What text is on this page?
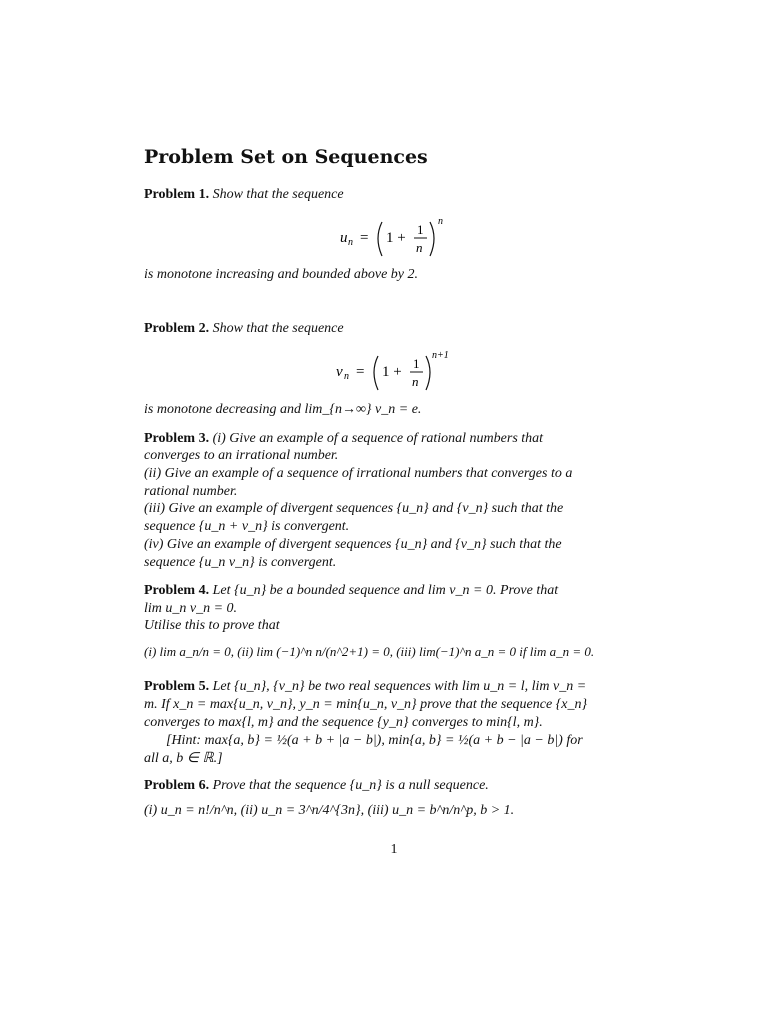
Problem Set on Sequences
Problem 1. Show that the sequence
u n = 1 +
1
n
n
is monotone increasing and bounded above by 2.
Problem 2. Show that the sequence
v n = 1 +
1
n
n+1
is monotone decreasing and lim_{n→∞} v_n = e.
Problem 3. (i) Give an example of a sequence of rational numbers that
converges to an irrational number.
(ii) Give an example of a sequence of irrational numbers that converges to a
rational number.
(iii) Give an example of divergent sequences {u_n} and {v_n} such that the
sequence {u_n + v_n} is convergent.
(iv) Give an example of divergent sequences {u_n} and {v_n} such that the
sequence {u_n v_n} is convergent.
Problem 4. Let {u_n} be a bounded sequence and lim v_n = 0. Prove that
lim u_n v_n = 0.
Utilise this to prove that
(i) lim a_n/n = 0, (ii) lim (−1)^n n/(n^2+1) = 0, (iii) lim(−1)^n a_n = 0 if lim a_n = 0.
Problem 5. Let {u_n}, {v_n} be two real sequences with lim u_n = l, lim v_n =
m. If x_n = max{u_n, v_n}, y_n = min{u_n, v_n} prove that the sequence {x_n}
converges to max{l, m} and the sequence {y_n} converges to min{l, m}.
[Hint: max{a, b} = ½(a + b + |a − b|), min{a, b} = ½(a + b − |a − b|) for
all a, b ∈ ℝ.]
Problem 6. Prove that the sequence {u_n} is a null sequence.
(i) u_n = n!/n^n, (ii) u_n = 3^n/4^{3n}, (iii) u_n = b^n/n^p, b > 1.
1
